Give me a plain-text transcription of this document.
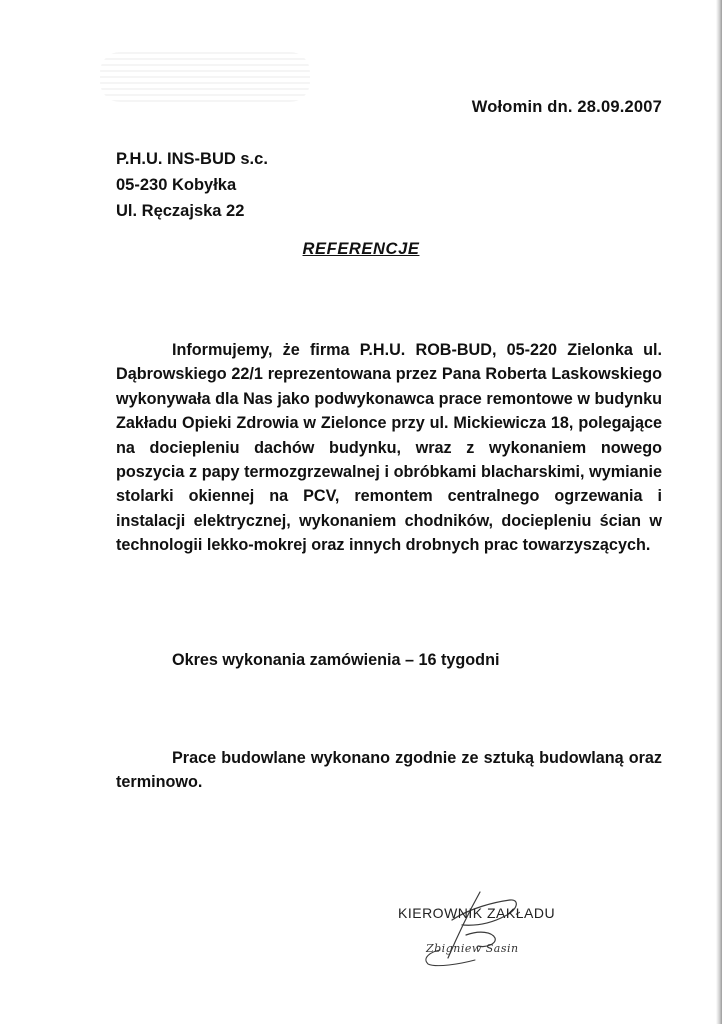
Wołomin dn. 28.09.2007
P.H.U. INS-BUD s.c.
05-230 Kobyłka
Ul. Ręczajska 22
REFERENCJE
Informujemy, że firma P.H.U. ROB-BUD, 05-220 Zielonka ul. Dąbrowskiego 22/1 reprezentowana przez Pana Roberta Laskowskiego wykonywała dla Nas jako podwykonawca prace remontowe w budynku Zakładu Opieki Zdrowia w Zielonce przy ul. Mickiewicza 18, polegające na dociepleniu dachów budynku, wraz z wykonaniem nowego poszycia z papy termozgrzewalnej i obróbkami blacharskimi, wymianie stolarki okiennej na PCV, remontem centralnego ogrzewania i instalacji elektrycznej, wykonaniem chodników, dociepleniu ścian w technologii lekko-mokrej oraz innych drobnych prac towarzyszących.
Okres wykonania zamówienia – 16 tygodni
Prace budowlane wykonano zgodnie ze sztuką budowlaną oraz terminowo.
KIEROWNIK ZAKŁADU
Zbigniew Sasin
